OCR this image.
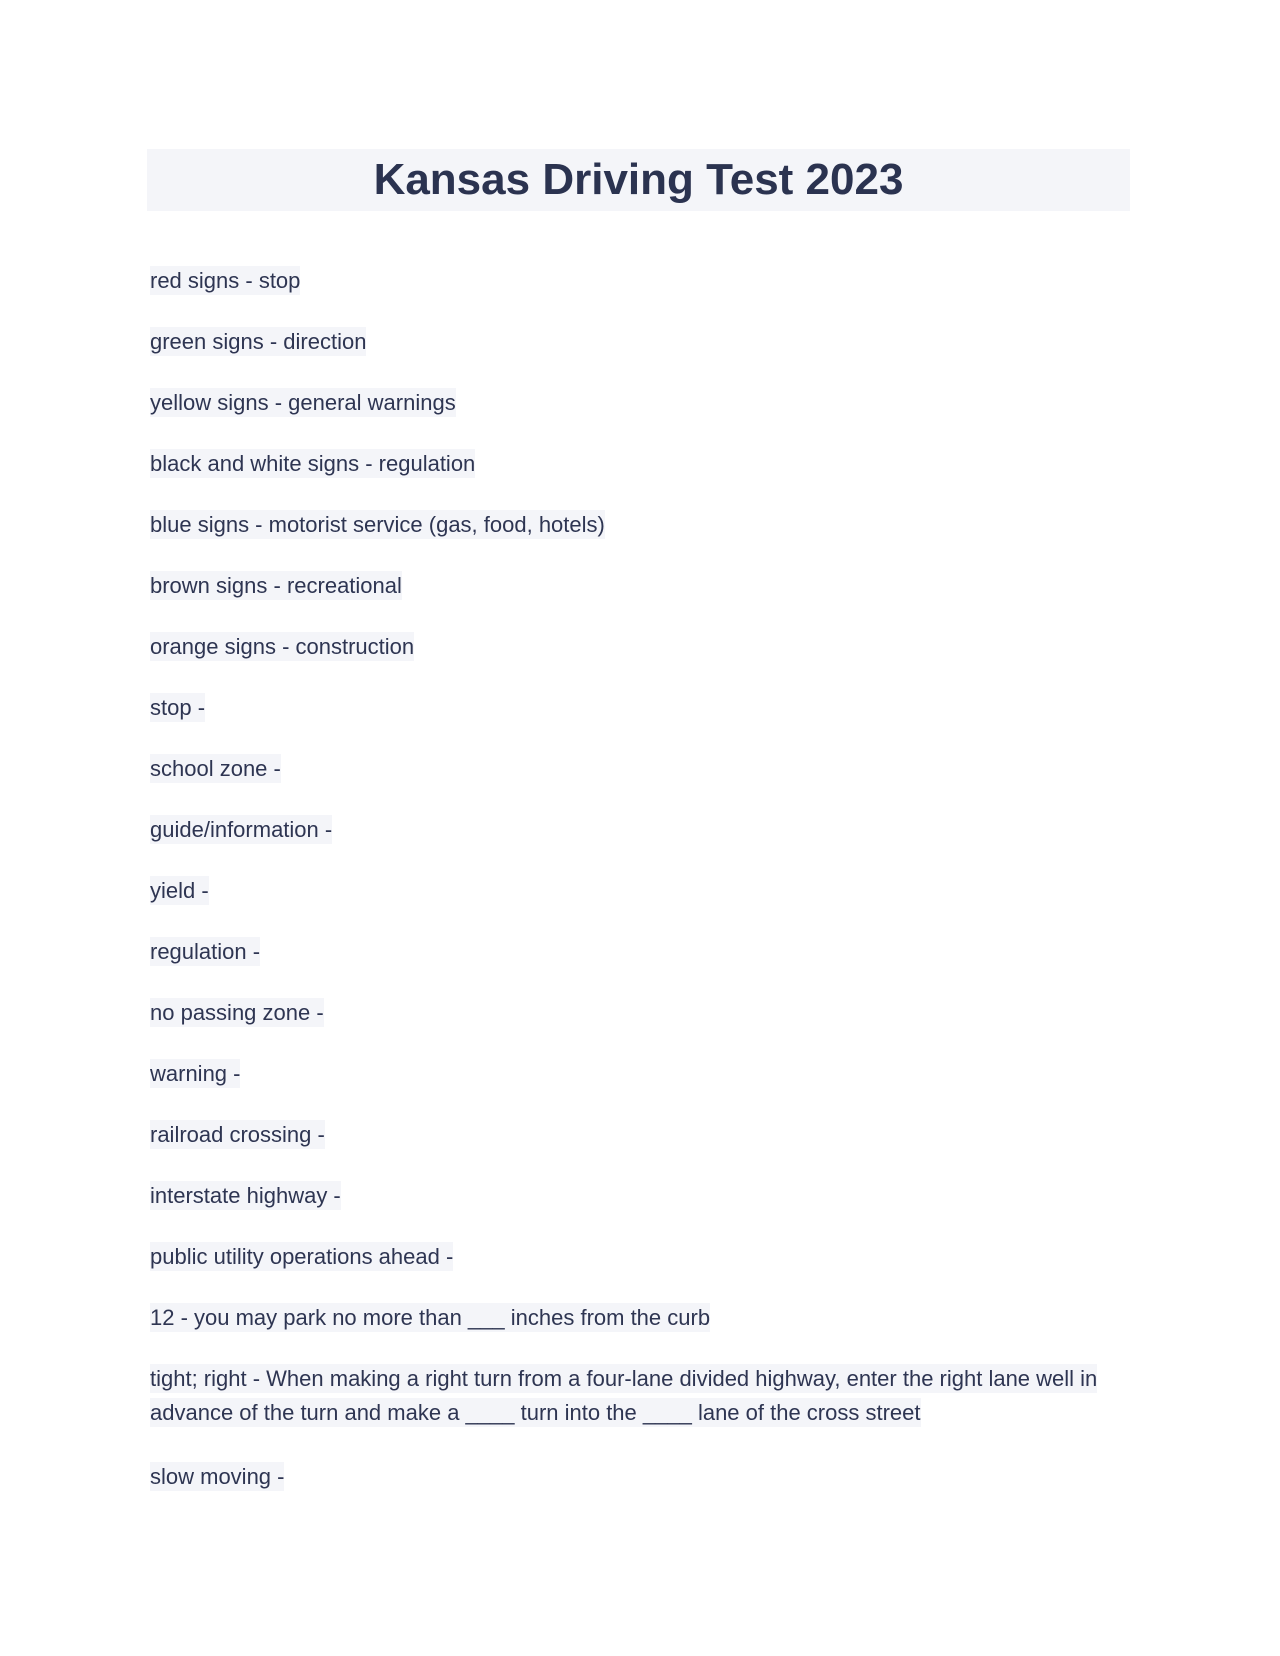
Kansas Driving Test 2023
red signs - stop
green signs - direction
yellow signs - general warnings
black and white signs - regulation
blue signs - motorist service (gas, food, hotels)
brown signs - recreational
orange signs - construction
stop -
school zone -
guide/information -
yield -
regulation -
no passing zone -
warning -
railroad crossing -
interstate highway -
public utility operations ahead -
12 - you may park no more than ___ inches from the curb
tight; right - When making a right turn from a four-lane divided highway, enter the right lane well in advance of the turn and make a ____ turn into the ____ lane of the cross street
slow moving -
